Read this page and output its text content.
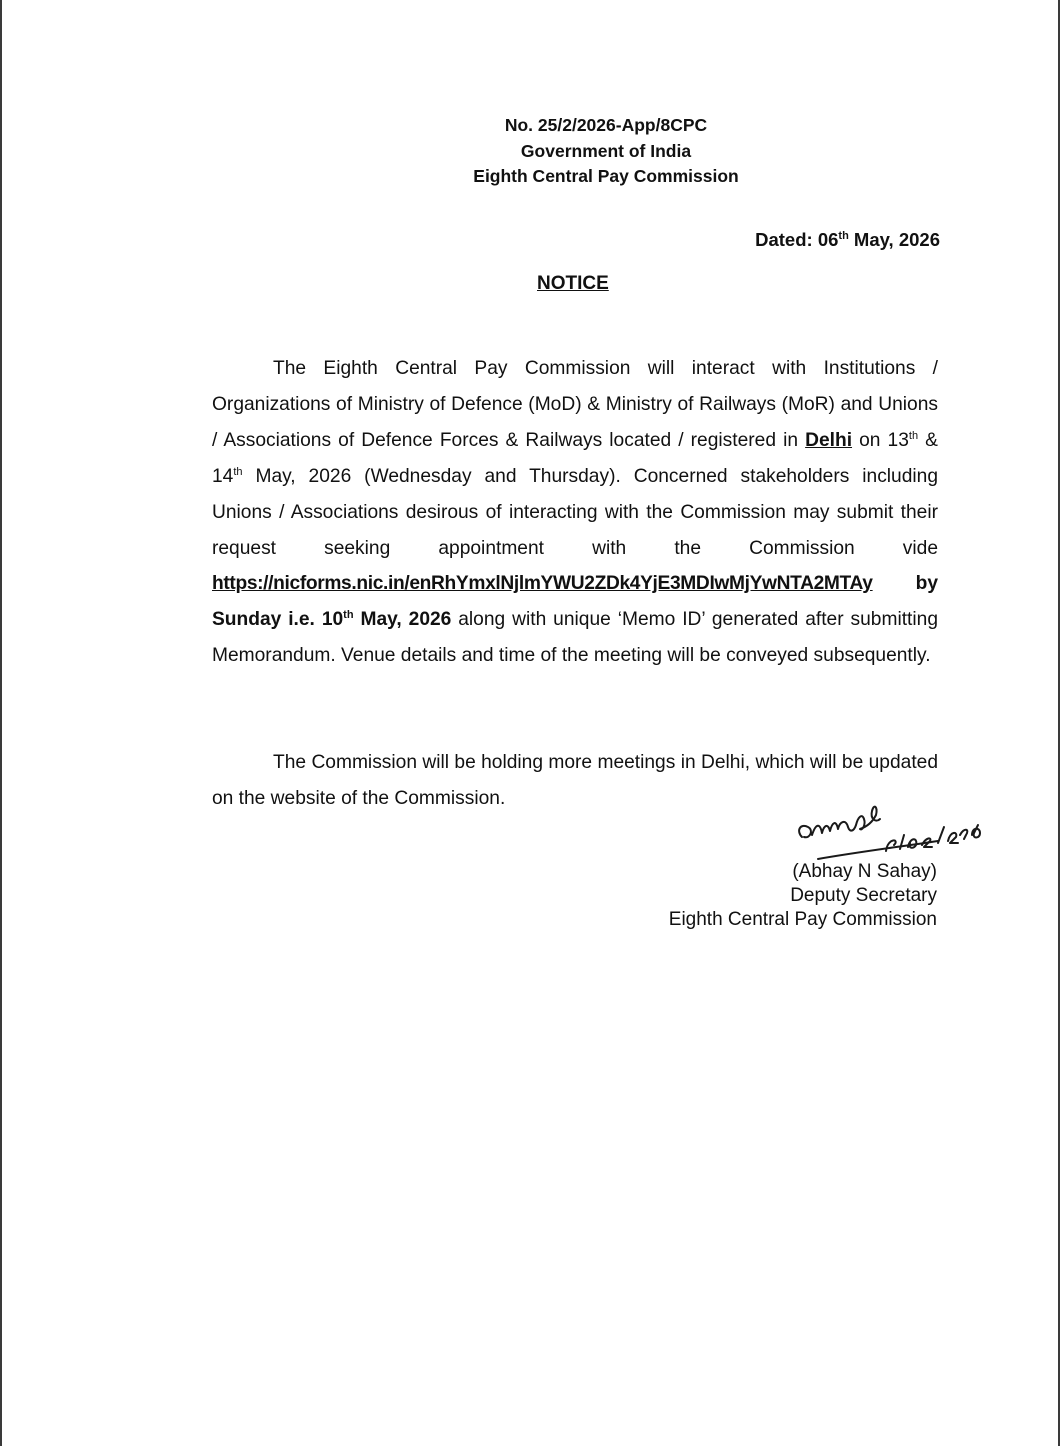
No. 25/2/2026-App/8CPC
Government of India
Eighth Central Pay Commission
Dated: 06th May, 2026
NOTICE
The Eighth Central Pay Commission will interact with Institutions / Organizations of Ministry of Defence (MoD) & Ministry of Railways (MoR) and Unions / Associations of Defence Forces & Railways located / registered in Delhi on 13th & 14th May, 2026 (Wednesday and Thursday). Concerned stakeholders including Unions / Associations desirous of interacting with the Commission may submit their request seeking appointment with the Commission vide https://nicforms.nic.in/enRhYmxlNjlmYWU2ZDk4YjE3MDIwMjYwNTA2MTAy by Sunday i.e. 10th May, 2026 along with unique ‘Memo ID’ generated after submitting Memorandum. Venue details and time of the meeting will be conveyed subsequently.
The Commission will be holding more meetings in Delhi, which will be updated on the website of the Commission.
(Abhay N Sahay)
Deputy Secretary
Eighth Central Pay Commission
